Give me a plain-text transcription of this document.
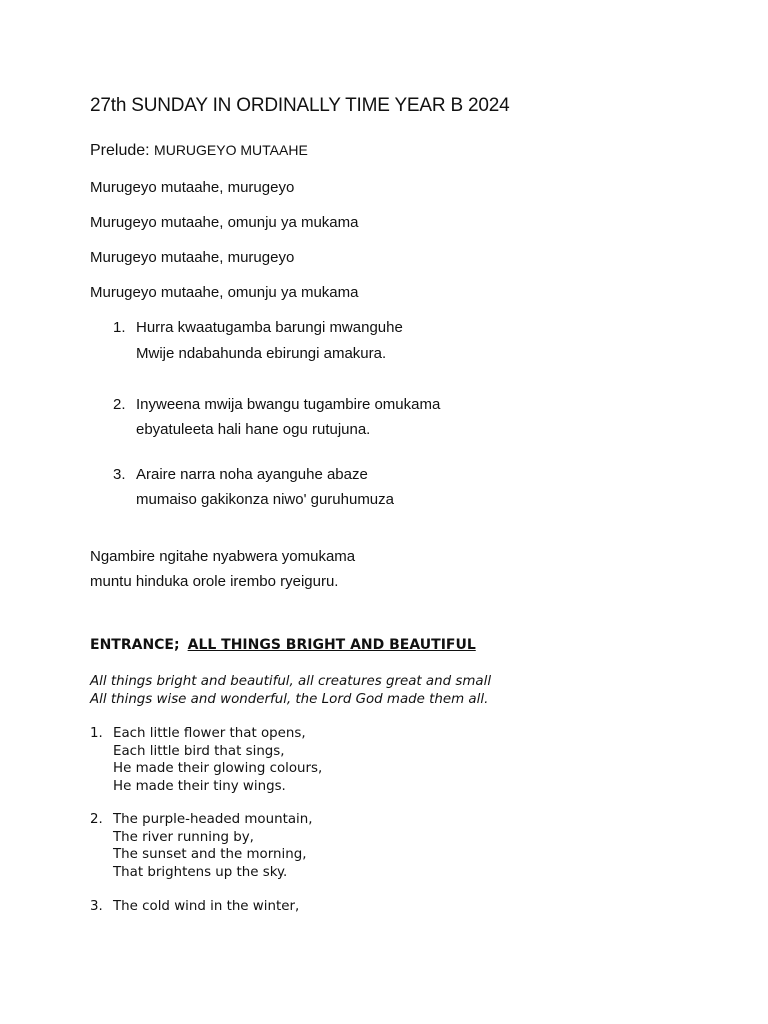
27th SUNDAY IN ORDINALLY TIME YEAR B 2024
Prelude: MURUGEYO MUTAAHE
Murugeyo mutaahe, murugeyo
Murugeyo mutaahe, omunju ya mukama
Murugeyo mutaahe, murugeyo
Murugeyo mutaahe, omunju ya mukama
1. Hurra kwaatugamba barungi mwanguhe
Mwije ndabahunda ebirungi amakura.
2. Inyweena mwija bwangu tugambire omukama
ebyatuleeta hali hane ogu rutujuna.
3. Araire narra noha ayanguhe abaze
mumaiso gakikonza niwo' guruhumuza
Ngambire ngitahe nyabwera yomukama
muntu hinduka orole irembo ryeiguru.
ENTRANCE; ALL THINGS BRIGHT AND BEAUTIFUL
All things bright and beautiful, all creatures great and small
All things wise and wonderful, the Lord God made them all.
1. Each little flower that opens,
Each little bird that sings,
He made their glowing colours,
He made their tiny wings.
2. The purple-headed mountain,
The river running by,
The sunset and the morning,
That brightens up the sky.
3. The cold wind in the winter,
